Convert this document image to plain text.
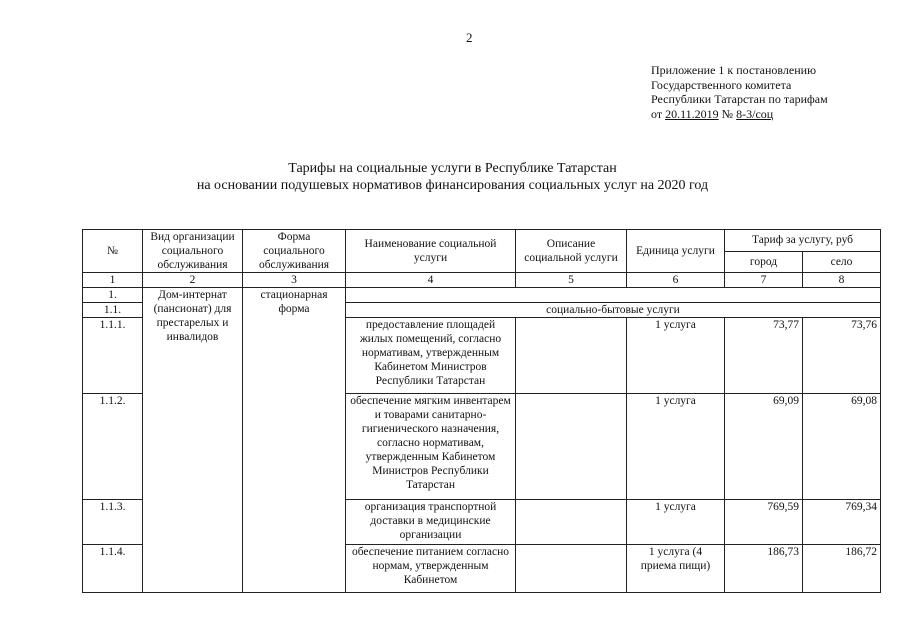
2
Приложение 1 к постановлению
Государственного комитета
Республики Татарстан по тарифам
от 20.11.2019 № 8-3/соц
Тарифы на социальные услуги в Республике Татарстан
на основании подушевых нормативов финансирования социальных услуг на 2020 год
№	Вид организации социального обслуживания	Форма социального обслуживания	Наименование социальной услуги	Описание социальной услуги	Единица услуги	Тариф за услугу, руб	
						город	село
1	2	3	4	5	6	7	8
1.	Дом-интернат (пансионат) для престарелых и инвалидов	стационарная форма					
1.1.			социально-бытовые услуги				
1.1.1.			предоставление площадей жилых помещений, согласно нормативам, утвержденным Кабинетом Министров Республики Татарстан		1 услуга	73,77	73,76
1.1.2.			обеспечение мягким инвентарем и товарами санитарно-гигиенического назначения, согласно нормативам, утвержденным Кабинетом Министров Республики Татарстан		1 услуга	69,09	69,08
1.1.3.			организация транспортной доставки в медицинские организации		1 услуга	769,59	769,34
1.1.4.			обеспечение питанием согласно нормам, утвержденным Кабинетом		1 услуга (4 приема пищи)	186,73	186,72
